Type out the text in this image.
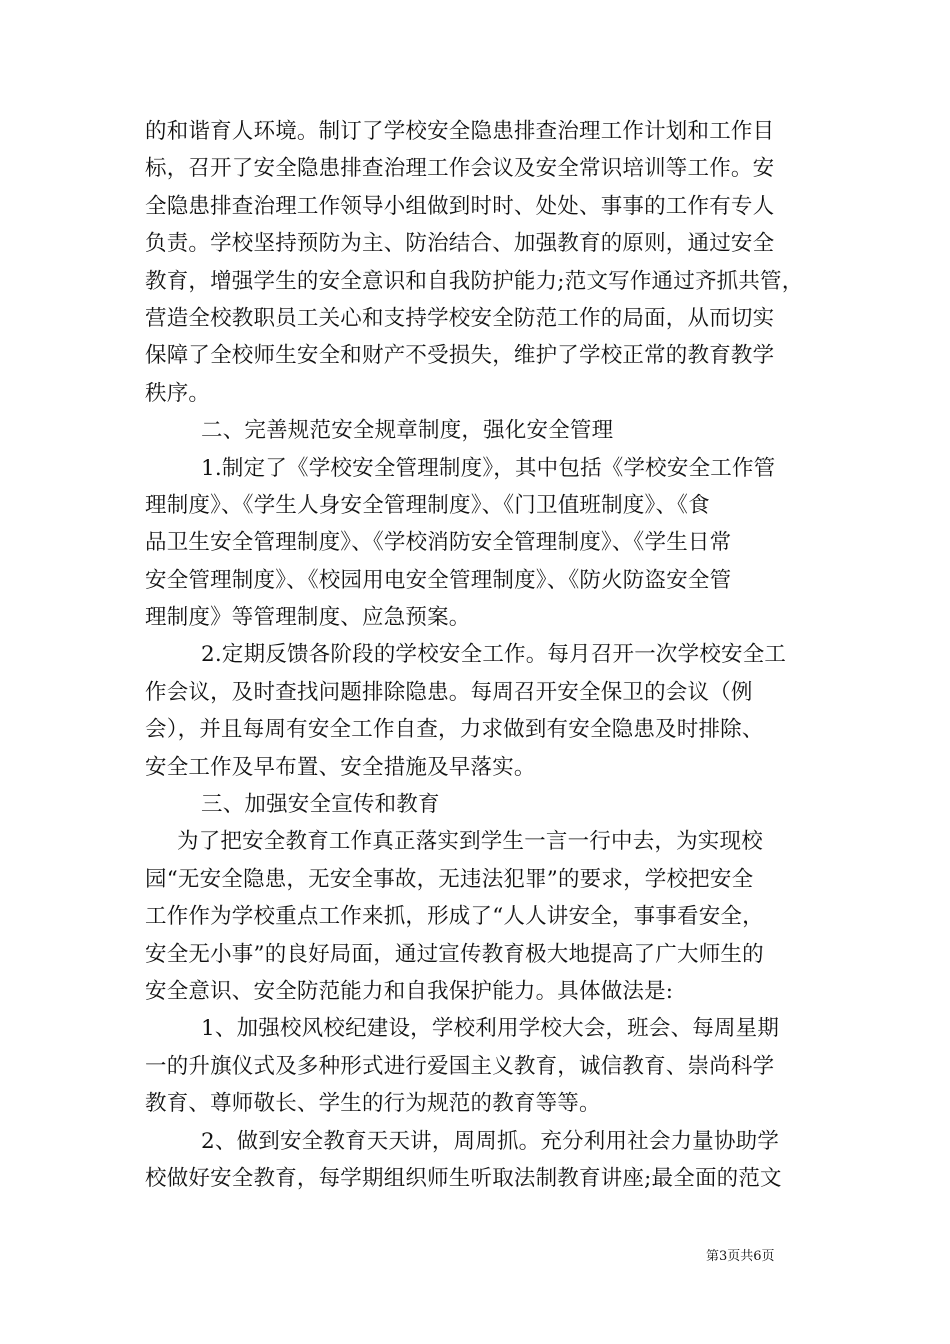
的和谐育人环境。制订了学校安全隐患排查治理工作计划和工作目
标，召开了安全隐患排查治理工作会议及安全常识培训等工作。安
全隐患排查治理工作领导小组做到时时、处处、事事的工作有专人
负责。学校坚持预防为主、防治结合、加强教育的原则，通过安全
教育，增强学生的安全意识和自我防护能力;范文写作通过齐抓共管，
营造全校教职员工关心和支持学校安全防范工作的局面，从而切实
保障了全校师生安全和财产不受损失，维护了学校正常的教育教学
秩序。
二、完善规范安全规章制度，强化安全管理
1.制定了《学校安全管理制度》，其中包括《学校安全工作管
理制度》、《学生人身安全管理制度》、《门卫值班制度》、《食
品卫生安全管理制度》、《学校消防安全管理制度》、《学生日常
安全管理制度》、《校园用电安全管理制度》、《防火防盗安全管
理制度》等管理制度、应急预案。
2.定期反馈各阶段的学校安全工作。每月召开一次学校安全工
作会议，及时查找问题排除隐患。每周召开安全保卫的会议（例
会），并且每周有安全工作自查，力求做到有安全隐患及时排除、
安全工作及早布置、安全措施及早落实。
三、加强安全宣传和教育
为了把安全教育工作真正落实到学生一言一行中去，为实现校
园“无安全隐患，无安全事故，无违法犯罪”的要求，学校把安全
工作作为学校重点工作来抓，形成了“人人讲安全，事事看安全，
安全无小事”的良好局面，通过宣传教育极大地提高了广大师生的
安全意识、安全防范能力和自我保护能力。具体做法是:
1、加强校风校纪建设，学校利用学校大会，班会、每周星期
一的升旗仪式及多种形式进行爱国主义教育，诚信教育、崇尚科学
教育、尊师敬长、学生的行为规范的教育等等。
2、做到安全教育天天讲，周周抓。充分利用社会力量协助学
校做好安全教育，每学期组织师生听取法制教育讲座;最全面的范文
第3页共6页
